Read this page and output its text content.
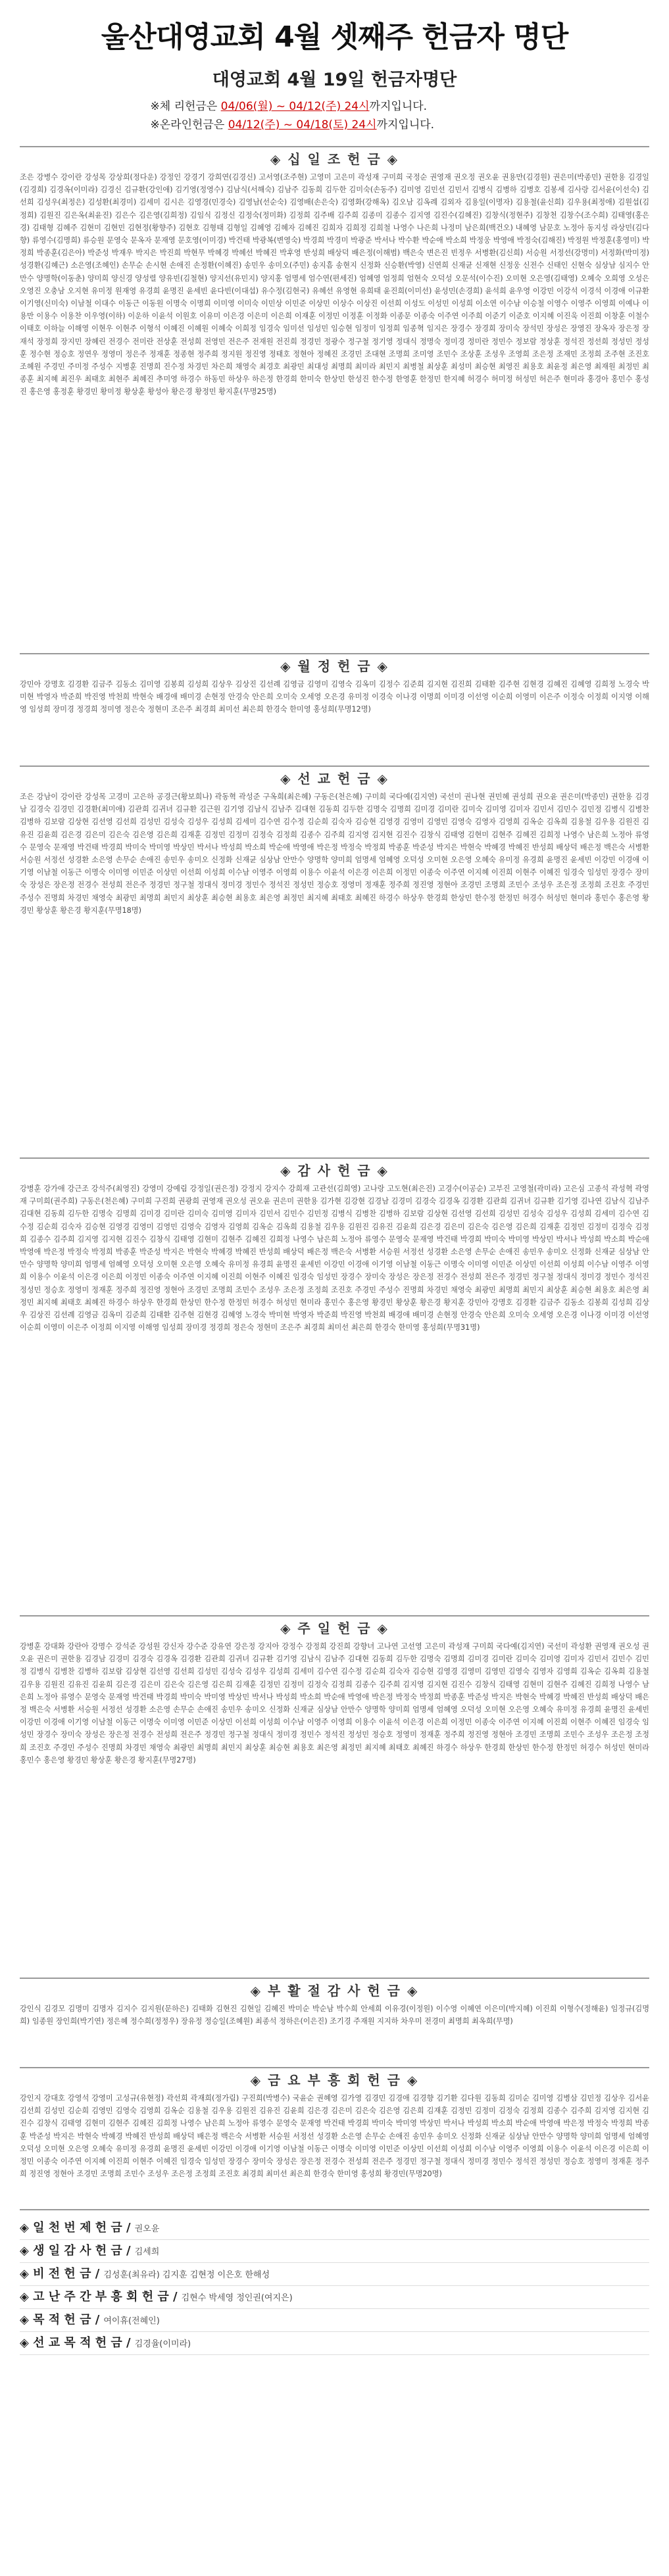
울산대영교회 4월 셋째주 헌금자 명단
대영교회 4월 19일 헌금자명단
※체 리헌금은 04/06(월) ~ 04/12(주) 24시까지입니다.
※온라인헌금은 04/12(주) ~ 04/18(토) 24시까지입니다.
◈ 십 일 조 헌 금 ◈
조은 강병수 강이란 강성목 강상희(정다운) 강정인 강경기 강희연(김경신) 고서영(조주현) 고영미 고은미 곽성재 구미희 국정순 권영재 권오정 권오윤 권용만(김경원) 권은미(박종민) 권한용 김경일(김경희) 김경옥(이미라) 김경신 김규환(강인애) 김기영(정영수) 김남식(서해숙) 김남주 김동희 김두한 김미숙(손동주) 김미영 김민선 김민서 김병식 김병하 김병호 김봉세 김사랑 김서윤(이선숙) 김선희 김성우(최정은) 김성환(최경미) 김세미 김시은 김영경(민경숙) 김영남(선순숙) 김영배(손은숙) 김영화(강해옥) 김오남 김옥례 김외자 김용일(이명자) 김용철(윤신희) 김우용(최정애) 김원섭(김정희) 김원진 김은옥(최윤진) 김은수 김은영(김희정) 김임식 김정신 김정숙(정미화) 김정희 김주배 김주희 김종미 김종수 김지영 김진수(김혜진) 김창식(정현주) 김창천 김창수(조수희) 김태영(홍은경) 김태형 김혜주 김현미 김현민 김현정(황향주) 김현호 김형태 김형일 김혜영 김혜자 김혜진 김희자 김희정 김희철 나영수 나은희 나정미 남은희(백건오) 내혜영 남문호 노정아 동지성 라상민(김다향) 류영수(김명희) 류승원 문영숙 문옥자 문재영 문호영(이미경) 박건태 박광복(변영숙) 박경희 박경미 박광준 박서나 박수환 박순애 박소희 박정웅 박영애 박정숙(김해진) 박정원 박정훈(홍영미) 박정희 박종훈(김은아) 박준성 박재우 박지은 박진희 박현무 박혜경 박혜선 박혜진 박후영 반성희 배상덕 배은정(이해범) 백은숙 변은진 빈정우 서병환(김신희) 서승원 서정선(강명미) 서정화(박미정) 성경환(김혜근) 소은영(조혜인) 손무순 손시현 손애진 손정환(이혜진) 송민우 송미오(주민) 송지흠 송현지 신정화 신승환(박영) 신연희 신재균 신재현 신정웅 신전수 신태인 신현숙 심상남 심지수 안만수 양명학(이동춘) 양미희 양신경 양성렬 양유빈(김철현) 양지선(유민지) 양지홍 엄명세 엄수연(편세진) 엄혜영 엄정희 엄현숙 오덕성 오문석(이수진) 오미현 오은영(김태영) 오혜숙 오희영 오성은 오영진 오충남 오지현 유미정 원재영 유경희 윤명진 윤세빈 윤다빈(이대섭) 유수정(김현국) 유혜선 유영현 유희태 윤진희(이미선) 윤성민(손경희) 윤석희 윤우영 이강민 이강석 이경석 이경애 이규환 이기영(신미숙) 이남철 이대수 이동근 이동원 이명숙 이명희 이미영 이미숙 이민상 이민준 이상민 이상수 이상진 이선희 이성도 이성민 이성희 이소연 이수남 이승철 이영수 이영주 이영희 이예나 이용만 이용수 이용찬 이우영(이하) 이운하 이윤석 이원호 이유미 이은경 이은미 이은희 이재훈 이정민 이정훈 이정화 이종문 이종숙 이주연 이주희 이준기 이준호 이지혜 이진욱 이진희 이창훈 이철수 이태호 이하늘 이해영 이현우 이현주 이형석 이혜진 이혜원 이혜숙 이희정 임경숙 임미선 임성민 임승현 임정미 임정희 임종혁 임지은 장경수 장경희 장미숙 장석민 장성은 장영진 장옥자 장은정 장재석 장정희 장지민 장혜린 전경수 전미란 전상훈 전성희 전영민 전은주 전재원 전진희 정경민 정광수 정구철 정기영 정대식 정명숙 정미경 정미란 정민수 정보람 정상훈 정석진 정선희 정성민 정성훈 정수현 정승호 정연우 정영미 정은주 정재훈 정종현 정주희 정지원 정진영 정태호 정현아 정혜진 조경민 조대현 조명희 조미영 조민수 조상훈 조성우 조영희 조은정 조재민 조정희 조주현 조진호 조혜원 주경민 주미정 주성수 지병훈 진명희 진수정 차경민 차은희 채영숙 최경호 최광민 최대성 최명희 최미라 최민지 최병철 최상훈 최성미 최승현 최영진 최용호 최윤정 최은영 최재원 최정민 최종훈 최지혜 최진우 최태호 최현주 최혜진 추미영 하경수 하동민 하상우 하은정 한경희 한미숙 한상민 한성진 한수정 한영훈 한정민 한지혜 허경수 허미정 허성민 허은주 현미라 홍경아 홍민수 홍성진 홍은영 홍정훈 황경민 황미정 황상훈 황성아 황은경 황정민 황지훈(무명25명)
◈ 월 정 헌 금 ◈
강민아 강명호 김경환 김금주 김동소 김미영 김봉희 김성희 김상우 김상진 김선례 김영금 김영미 김영숙 김옥미 김정수 김준희 김지현 김진희 김태환 김주현 김현경 김혜진 김혜영 김희정 노경숙 박미현 박영자 박준희 박진영 박천희 박현숙 배경애 배미경 손현정 안경숙 안은희 오미숙 오세영 오은경 유미정 이경숙 이나경 이명희 이미경 이선영 이순희 이영미 이은주 이정숙 이정희 이지영 이해영 임성희 장미경 정경희 정미영 정은숙 정현미 조은주 최경희 최미선 최은희 한경숙 한미영 홍성희(무명12명)
◈ 선 교 헌 금 ◈
조은 강남이 강이란 강성목 고경미 고은하 공경근(황보희나) 곽동혁 곽성준 구옥희(최은혜) 구동은(천은혜) 구미희 국다예(김지연) 국선미 권나현 권민혜 권성희 권오윤 권은미(박종민) 권한용 김경남 김경숙 김경민 김경환(최미애) 김관희 김귀녀 김규환 김근원 김기영 김남식 김남주 김대현 김동희 김두한 김명숙 김명희 김미경 김미란 김미숙 김미영 김미자 김민서 김민수 김민정 김병식 김병찬 김병하 김보람 김상현 김선영 김선희 김성민 김성숙 김성우 김성희 김세미 김수연 김수정 김순희 김숙자 김승현 김영경 김영미 김영민 김영숙 김영자 김영희 김옥순 김옥희 김용철 김우용 김원진 김유진 김윤희 김은경 김은미 김은숙 김은영 김은희 김재훈 김정민 김정미 김정숙 김정희 김종수 김주희 김지영 김지현 김진수 김창식 김태영 김현미 김현주 김혜진 김희정 나영수 남은희 노정아 류영수 문영숙 문재영 박건태 박경희 박미숙 박미영 박상민 박서나 박성희 박소희 박순애 박영애 박은정 박정숙 박정희 박종훈 박준성 박지은 박현숙 박혜경 박혜진 반성희 배상덕 배은정 백은숙 서병환 서승원 서정선 성경환 소은영 손무순 손애진 송민우 송미오 신정화 신재균 심상남 안만수 양명학 양미희 엄명세 엄혜영 오덕성 오미현 오은영 오혜숙 유미정 유경희 윤명진 윤세빈 이강민 이경애 이기영 이남철 이동근 이명숙 이미영 이민준 이상민 이선희 이성희 이수남 이영주 이영희 이용수 이윤석 이은경 이은희 이정민 이종숙 이주연 이지혜 이진희 이현주 이혜진 임경숙 임성민 장경수 장미숙 장성은 장은정 전경수 전성희 전은주 정경민 정구철 정대식 정미경 정민수 정석진 정성민 정승호 정영미 정재훈 정주희 정진영 정현아 조경민 조명희 조민수 조성우 조은정 조정희 조진호 주경민 주성수 진명희 차경민 채영숙 최광민 최명희 최민지 최상훈 최승현 최용호 최은영 최정민 최지혜 최태호 최혜진 하경수 하상우 한경희 한상민 한수정 한정민 허경수 허성민 현미라 홍민수 홍은영 황경민 황상훈 황은경 황지훈(무명18명)
◈ 감 사 헌 금 ◈
강병훈 강가애 강근조 강석주(최영진) 강영미 강예림 강정일(권은정) 강정지 강지수 강희재 고관선(김희영) 고나랑 고도현(최은진) 고경수(이공순) 고부진 고영철(곽미라) 고은심 고종석 곽성혁 곽영재 구미희(권주희) 구동은(천은혜) 구미희 구진희 권광희 권영재 권오성 권오윤 권은미 권한용 김가현 김강현 김경남 김경미 김경숙 김경옥 김경환 김관희 김귀녀 김규환 김기영 김나연 김남식 김남주 김대현 김동희 김두한 김명숙 김명희 김미경 김미란 김미숙 김미영 김미자 김민서 김민수 김민정 김병식 김병찬 김병하 김보람 김상현 김선영 김선희 김성민 김성숙 김성우 김성희 김세미 김수연 김수정 김순희 김숙자 김승현 김영경 김영미 김영민 김영숙 김영자 김영희 김옥순 김옥희 김용철 김우용 김원진 김유진 김윤희 김은경 김은미 김은숙 김은영 김은희 김재훈 김정민 김정미 김정숙 김정희 김종수 김주희 김지영 김지현 김진수 김창식 김태영 김현미 김현주 김혜진 김희정 나영수 남은희 노정아 류영수 문영숙 문재영 박건태 박경희 박미숙 박미영 박상민 박서나 박성희 박소희 박순애 박영애 박은정 박정숙 박정희 박종훈 박준성 박지은 박현숙 박혜경 박혜진 반성희 배상덕 배은정 백은숙 서병환 서승원 서정선 성경환 소은영 손무순 손애진 송민우 송미오 신정화 신재균 심상남 안만수 양명학 양미희 엄명세 엄혜영 오덕성 오미현 오은영 오혜숙 유미정 유경희 윤명진 윤세빈 이강민 이경애 이기영 이남철 이동근 이명숙 이미영 이민준 이상민 이선희 이성희 이수남 이영주 이영희 이용수 이윤석 이은경 이은희 이정민 이종숙 이주연 이지혜 이진희 이현주 이혜진 임경숙 임성민 장경수 장미숙 장성은 장은정 전경수 전성희 전은주 정경민 정구철 정대식 정미경 정민수 정석진 정성민 정승호 정영미 정재훈 정주희 정진영 정현아 조경민 조명희 조민수 조성우 조은정 조정희 조진호 주경민 주성수 진명희 차경민 채영숙 최광민 최명희 최민지 최상훈 최승현 최용호 최은영 최정민 최지혜 최태호 최혜진 하경수 하상우 한경희 한상민 한수정 한정민 허경수 허성민 현미라 홍민수 홍은영 황경민 황상훈 황은경 황지훈 강민아 강명호 김경환 김금주 김동소 김봉희 김성희 김상우 김상진 김선례 김영금 김옥미 김준희 김태환 김주현 김현경 김혜영 노경숙 박미현 박영자 박준희 박진영 박천희 배경애 배미경 손현정 안경숙 안은희 오미숙 오세영 오은경 이나경 이미경 이선영 이순희 이영미 이은주 이정희 이지영 이해영 임성희 장미경 정경희 정은숙 정현미 조은주 최경희 최미선 최은희 한경숙 한미영 홍성희(무명31명)
◈ 주 일 헌 금 ◈
강병훈 강대화 강란아 강명수 강석준 강성원 강신자 강수준 강유연 강은정 강지아 강정수 강정희 강진희 강향녀 고나연 고선영 고은미 곽성재 구미희 국다예(김지연) 국선미 곽성환 권영재 권오성 권오윤 권은미 권한용 김경남 김경미 김경숙 김경옥 김경환 김관희 김귀녀 김규환 김기영 김남식 김남주 김대현 김동희 김두한 김명숙 김명희 김미경 김미란 김미숙 김미영 김미자 김민서 김민수 김민정 김병식 김병찬 김병하 김보람 김상현 김선영 김선희 김성민 김성숙 김성우 김성희 김세미 김수연 김수정 김순희 김숙자 김승현 김영경 김영미 김영민 김영숙 김영자 김영희 김옥순 김옥희 김용철 김우용 김원진 김유진 김윤희 김은경 김은미 김은숙 김은영 김은희 김재훈 김정민 김정미 김정숙 김정희 김종수 김주희 김지영 김지현 김진수 김창식 김태영 김현미 김현주 김혜진 김희정 나영수 남은희 노정아 류영수 문영숙 문재영 박건태 박경희 박미숙 박미영 박상민 박서나 박성희 박소희 박순애 박영애 박은정 박정숙 박정희 박종훈 박준성 박지은 박현숙 박혜경 박혜진 반성희 배상덕 배은정 백은숙 서병환 서승원 서정선 성경환 소은영 손무순 손애진 송민우 송미오 신정화 신재균 심상남 안만수 양명학 양미희 엄명세 엄혜영 오덕성 오미현 오은영 오혜숙 유미정 유경희 윤명진 윤세빈 이강민 이경애 이기영 이남철 이동근 이명숙 이미영 이민준 이상민 이선희 이성희 이수남 이영주 이영희 이용수 이윤석 이은경 이은희 이정민 이종숙 이주연 이지혜 이진희 이현주 이혜진 임경숙 임성민 장경수 장미숙 장성은 장은정 전경수 전성희 전은주 정경민 정구철 정대식 정미경 정민수 정석진 정성민 정승호 정영미 정재훈 정주희 정진영 정현아 조경민 조명희 조민수 조성우 조은정 조정희 조진호 주경민 주성수 진명희 차경민 채영숙 최광민 최명희 최민지 최상훈 최승현 최용호 최은영 최정민 최지혜 최태호 최혜진 하경수 하상우 한경희 한상민 한수정 한정민 허경수 허성민 현미라 홍민수 홍은영 황경민 황상훈 황은경 황지훈(무명27명)
◈ 부 활 절 감 사 헌 금 ◈
강인식 김경모 김명미 김명자 김지수 김지원(문하은) 김태화 김현진 김현일 김혜진 박미순 박순남 박수희 안세희 이유경(이정원) 이수영 이혜연 이은미(박지혜) 이진희 이형수(정해윤) 임정규(김명희) 임종원 장인희(박기연) 정은혜 정수희(정정우) 장유정 정승일(조혜원) 최종석 정하은(이은진) 조기경 주재원 지지하 차우미 전경미 최명희 최옥희(무명)
◈ 금 요 부 흥 회 헌 금 ◈
강인지 강대호 강영석 강영미 고성규(유현정) 곽선희 곽재희(정가림) 구진희(박병수) 국윤순 권혜영 김가영 김경민 김경애 김경향 김기환 김다원 김동희 김미순 김미영 김병삼 김민정 김상우 김서윤 김선희 김성민 김순희 김영민 김영숙 김영희 김옥순 김용철 김우용 김원진 김유진 김윤희 김은경 김은미 김은숙 김은영 김은희 김재훈 김정민 김정미 김정숙 김정희 김종수 김주희 김지영 김지현 김진수 김창식 김태영 김현미 김현주 김혜진 김희정 나영수 남은희 노정아 류영수 문영숙 문재영 박건태 박경희 박미숙 박미영 박상민 박서나 박성희 박소희 박순애 박영애 박은정 박정숙 박정희 박종훈 박준성 박지은 박현숙 박혜경 박혜진 반성희 배상덕 배은정 백은숙 서병환 서승원 서정선 성경환 소은영 손무순 손애진 송민우 송미오 신정화 신재균 심상남 안만수 양명학 양미희 엄명세 엄혜영 오덕성 오미현 오은영 오혜숙 유미정 유경희 윤명진 윤세빈 이강민 이경애 이기영 이남철 이동근 이명숙 이미영 이민준 이상민 이선희 이성희 이수남 이영주 이영희 이용수 이윤석 이은경 이은희 이정민 이종숙 이주연 이지혜 이진희 이현주 이혜진 임경숙 임성민 장경수 장미숙 장성은 장은정 전경수 전성희 전은주 정경민 정구철 정대식 정미경 정민수 정석진 정성민 정승호 정영미 정재훈 정주희 정진영 정현아 조경민 조명희 조민수 조성우 조은정 조정희 조진호 최경희 최미선 최은희 한경숙 한미영 홍성희 황경민(무명20명)
◈ 일 천 번 제 헌 금 / 권오윤
◈ 생 일 감 사 헌 금 / 김세희
◈ 비 전 헌 금 / 김성훈(최유라) 김지훈 김현정 이은호 한해성
◈ 고 난 주 간 부 흥 회 헌 금 / 김현수 박세영 정인권(여지은)
◈ 목 적 헌 금 / 여이휴(전혜인)
◈ 선 교 목 적 헌 금 / 김경율(이미라)
